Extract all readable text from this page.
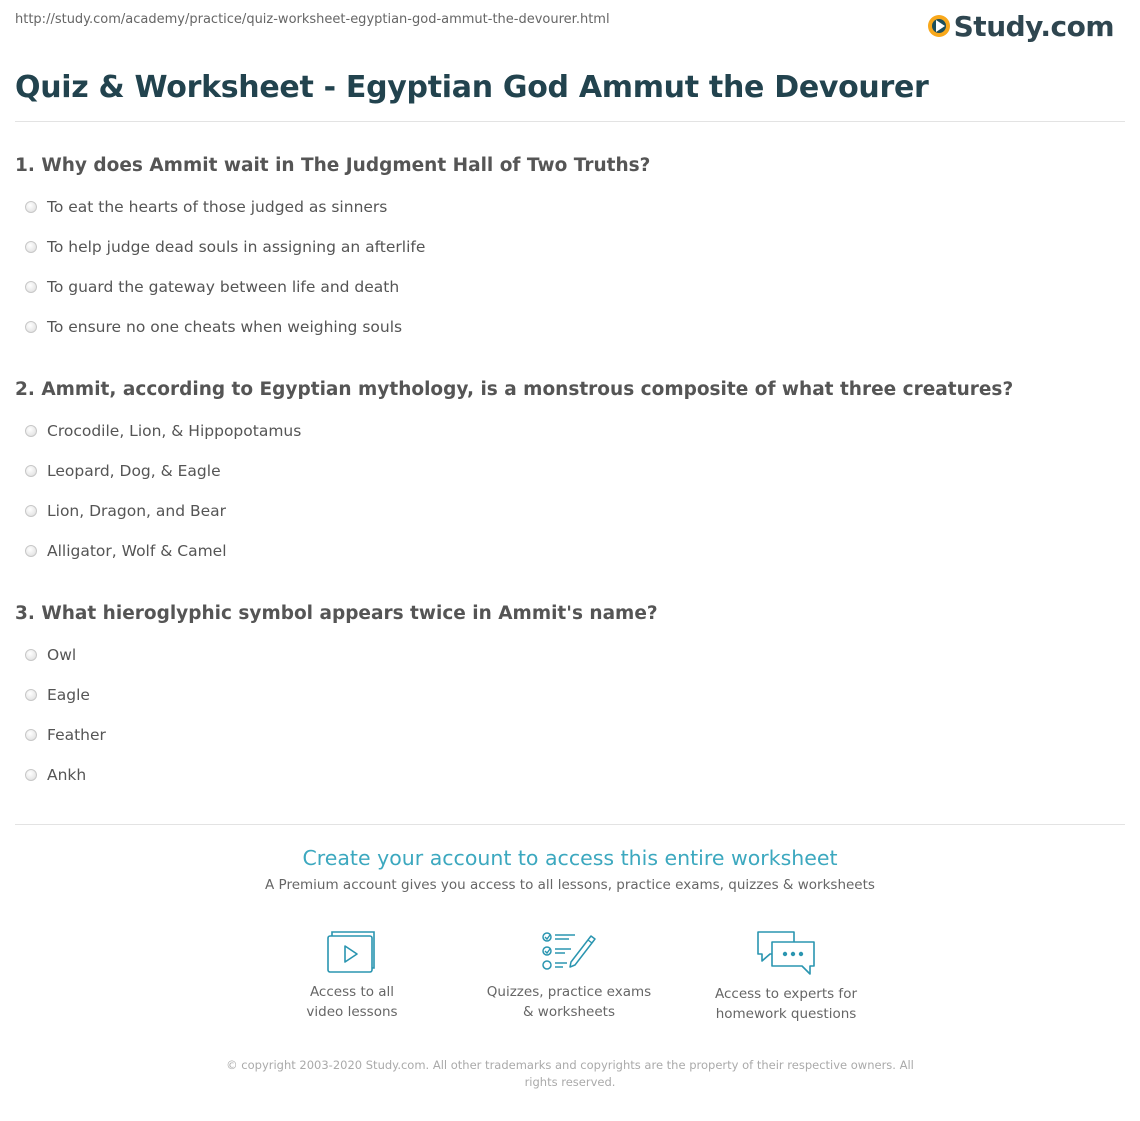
http://study.com/academy/practice/quiz-worksheet-egyptian-god-ammut-the-devourer.html	Study.com
Quiz & Worksheet - Egyptian God Ammut the Devourer
1. Why does Ammit wait in The Judgment Hall of Two Truths?
To eat the hearts of those judged as sinners
To help judge dead souls in assigning an afterlife
To guard the gateway between life and death
To ensure no one cheats when weighing souls
2. Ammit, according to Egyptian mythology, is a monstrous composite of what three creatures?
Crocodile, Lion, & Hippopotamus
Leopard, Dog, & Eagle
Lion, Dragon, and Bear
Alligator, Wolf & Camel
3. What hieroglyphic symbol appears twice in Ammit's name?
Owl
Eagle
Feather
Ankh
Create your account to access this entire worksheet
A Premium account gives you access to all lessons, practice exams, quizzes & worksheets
Access to all
video lessons
Quizzes, practice exams
& worksheets
Access to experts for
homework questions
© copyright 2003-2020 Study.com. All other trademarks and copyrights are the property of their respective owners. All rights reserved.
